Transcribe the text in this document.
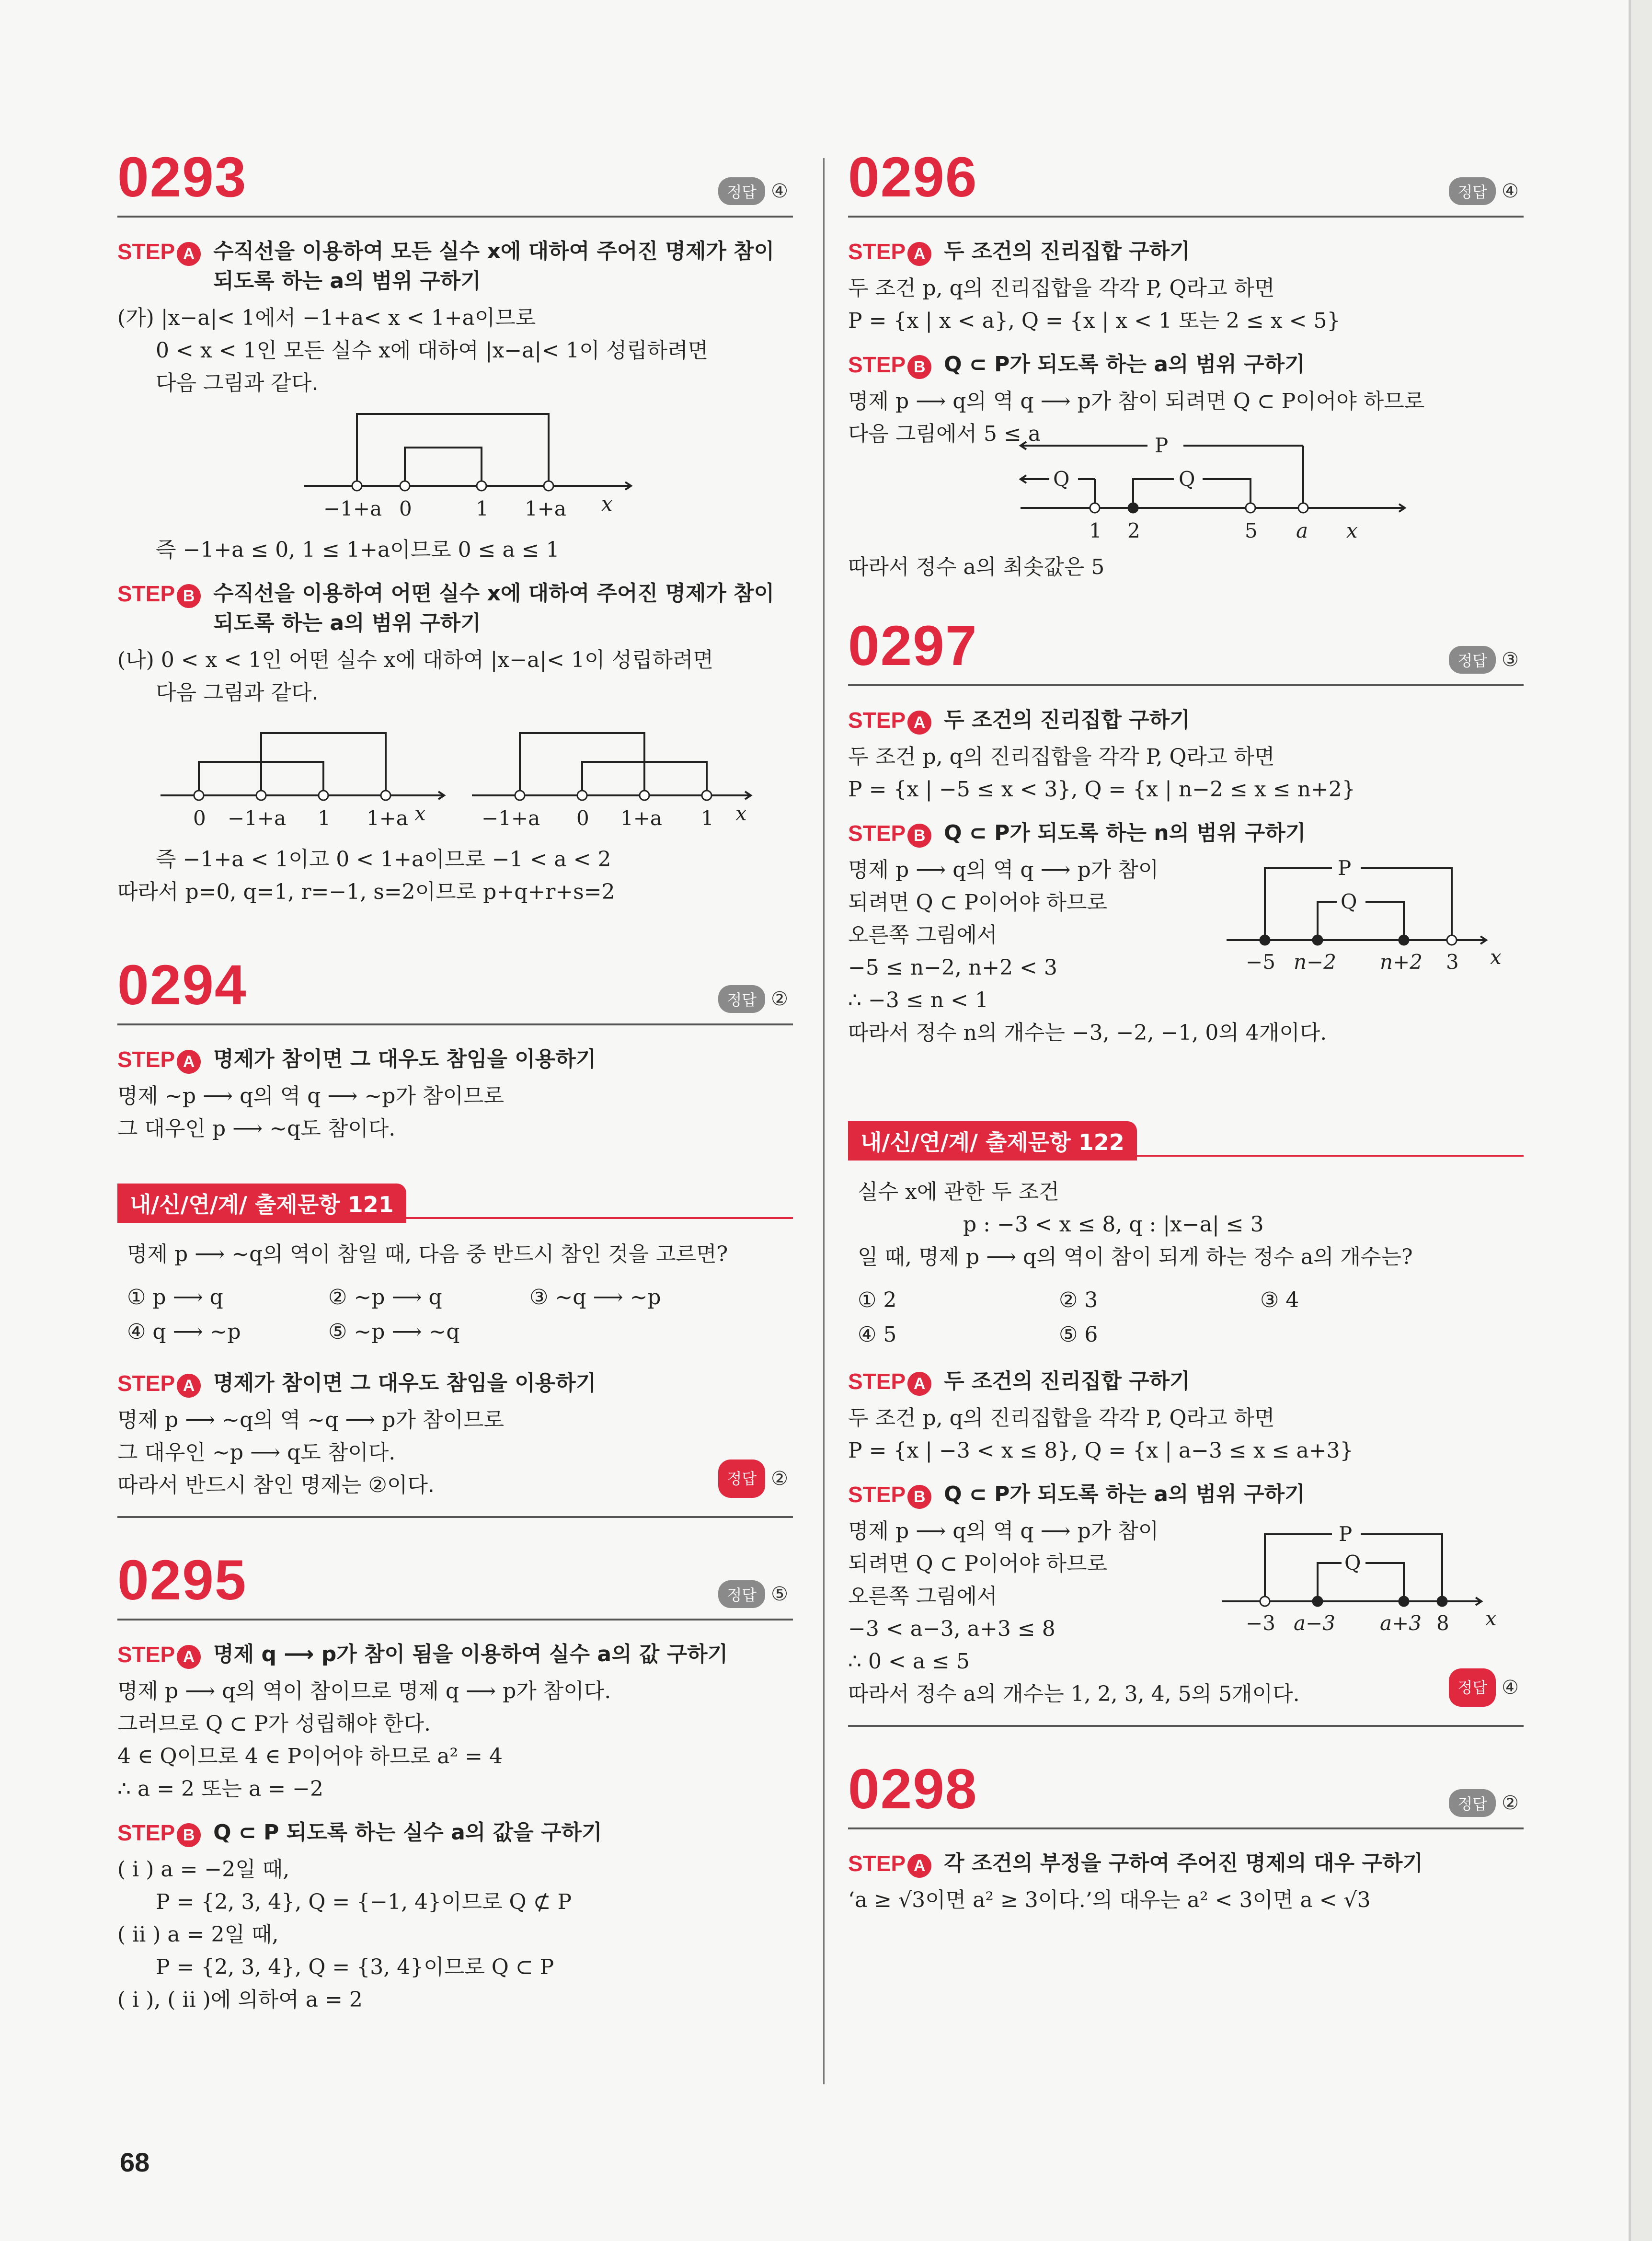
0293	정답 ④
STEP A 수직선을 이용하여 모든 실수 x에 대하여 주어진 명제가 참이
되도록 하는 a의 범위 구하기
(가) |x−a|< 1에서 −1+a< x < 1+a이므로
0 < x < 1인 모든 실수 x에 대하여 |x−a|< 1이 성립하려면
다음 그림과 같다.
−1+a 0	1 1+a x
즉 −1+a ≤ 0, 1 ≤ 1+a이므로 0 ≤ a ≤ 1
STEP B 수직선을 이용하여 어떤 실수 x에 대하여 주어진 명제가 참이
되도록 하는 a의 범위 구하기
(나) 0 < x < 1인 어떤 실수 x에 대하여 |x−a|< 1이 성립하려면
다음 그림과 같다.
0 −1+a 1 1+a x	−1+a 0 1+a 1 x
즉 −1+a < 1이고 0 < 1+a이므로 −1 < a < 2
따라서 p=0, q=1, r=−1, s=2이므로 p+q+r+s=2
0294	정답 ②
STEP A 명제가 참이면 그 대우도 참임을 이용하기
명제 ~p ⟶ q의 역 q ⟶ ~p가 참이므로
그 대우인 p ⟶ ~q도 참이다.
내/신/연/계/ 출제문항 121
명제 p ⟶ ~q의 역이 참일 때, 다음 중 반드시 참인 것을 고르면?
① p ⟶ q	② ~p ⟶ q	③ ~q ⟶ ~p
④ q ⟶ ~p	⑤ ~p ⟶ ~q
STEP A 명제가 참이면 그 대우도 참임을 이용하기
명제 p ⟶ ~q의 역 ~q ⟶ p가 참이므로
그 대우인 ~p ⟶ q도 참이다.
따라서 반드시 참인 명제는 ②이다.	정답 ②
0295	정답 ⑤
STEP A 명제 q ⟶ p가 참이 됨을 이용하여 실수 a의 값 구하기
명제 p ⟶ q의 역이 참이므로 명제 q ⟶ p가 참이다.
그러므로 Q ⊂ P가 성립해야 한다.
4 ∈ Q이므로 4 ∈ P이어야 하므로 a² = 4
∴ a = 2 또는 a = −2
STEP B Q ⊂ P 되도록 하는 실수 a의 값을 구하기
( i ) a = −2일 때,
P = {2, 3, 4}, Q = {−1, 4}이므로 Q ⊄ P
( ii ) a = 2일 때,
P = {2, 3, 4}, Q = {3, 4}이므로 Q ⊂ P
( i ), ( ii )에 의하여 a = 2
0296	정답 ④
STEP A 두 조건의 진리집합 구하기
두 조건 p, q의 진리집합을 각각 P, Q라고 하면
P = {x | x < a}, Q = {x | x < 1 또는 2 ≤ x < 5}
STEP B Q ⊂ P가 되도록 하는 a의 범위 구하기
명제 p ⟶ q의 역 q ⟶ p가 참이 되려면 Q ⊂ P이어야 하므로
다음 그림에서 5 ≤ a	P
Q	Q
1 2	5 a x
따라서 정수 a의 최솟값은 5
0297	정답 ③
STEP A 두 조건의 진리집합 구하기
두 조건 p, q의 진리집합을 각각 P, Q라고 하면
P = {x | −5 ≤ x < 3}, Q = {x | n−2 ≤ x ≤ n+2}
STEP B Q ⊂ P가 되도록 하는 n의 범위 구하기
명제 p ⟶ q의 역 q ⟶ p가 참이
되려면 Q ⊂ P이어야 하므로
오른쪽 그림에서
−5 ≤ n−2, n+2 < 3
∴ −3 ≤ n < 1
P
Q
−5 n−2 n+2 3 x
따라서 정수 n의 개수는 −3, −2, −1, 0의 4개이다.
내/신/연/계/ 출제문항 122
실수 x에 관한 두 조건
p : −3 < x ≤ 8, q : |x−a| ≤ 3
일 때, 명제 p ⟶ q의 역이 참이 되게 하는 정수 a의 개수는?
① 2	② 3	③ 4
④ 5	⑤ 6
STEP A 두 조건의 진리집합 구하기
두 조건 p, q의 진리집합을 각각 P, Q라고 하면
P = {x | −3 < x ≤ 8}, Q = {x | a−3 ≤ x ≤ a+3}
STEP B Q ⊂ P가 되도록 하는 a의 범위 구하기
명제 p ⟶ q의 역 q ⟶ p가 참이
되려면 Q ⊂ P이어야 하므로
오른쪽 그림에서
−3 < a−3, a+3 ≤ 8
∴ 0 < a ≤ 5
P
Q
−3 a−3 a+3 8 x
따라서 정수 a의 개수는 1, 2, 3, 4, 5의 5개이다.	정답 ④
0298	정답 ②
STEP A 각 조건의 부정을 구하여 주어진 명제의 대우 구하기
‘a ≥ √3이면 a² ≥ 3이다.’의 대우는 a² < 3이면 a < √3
68
